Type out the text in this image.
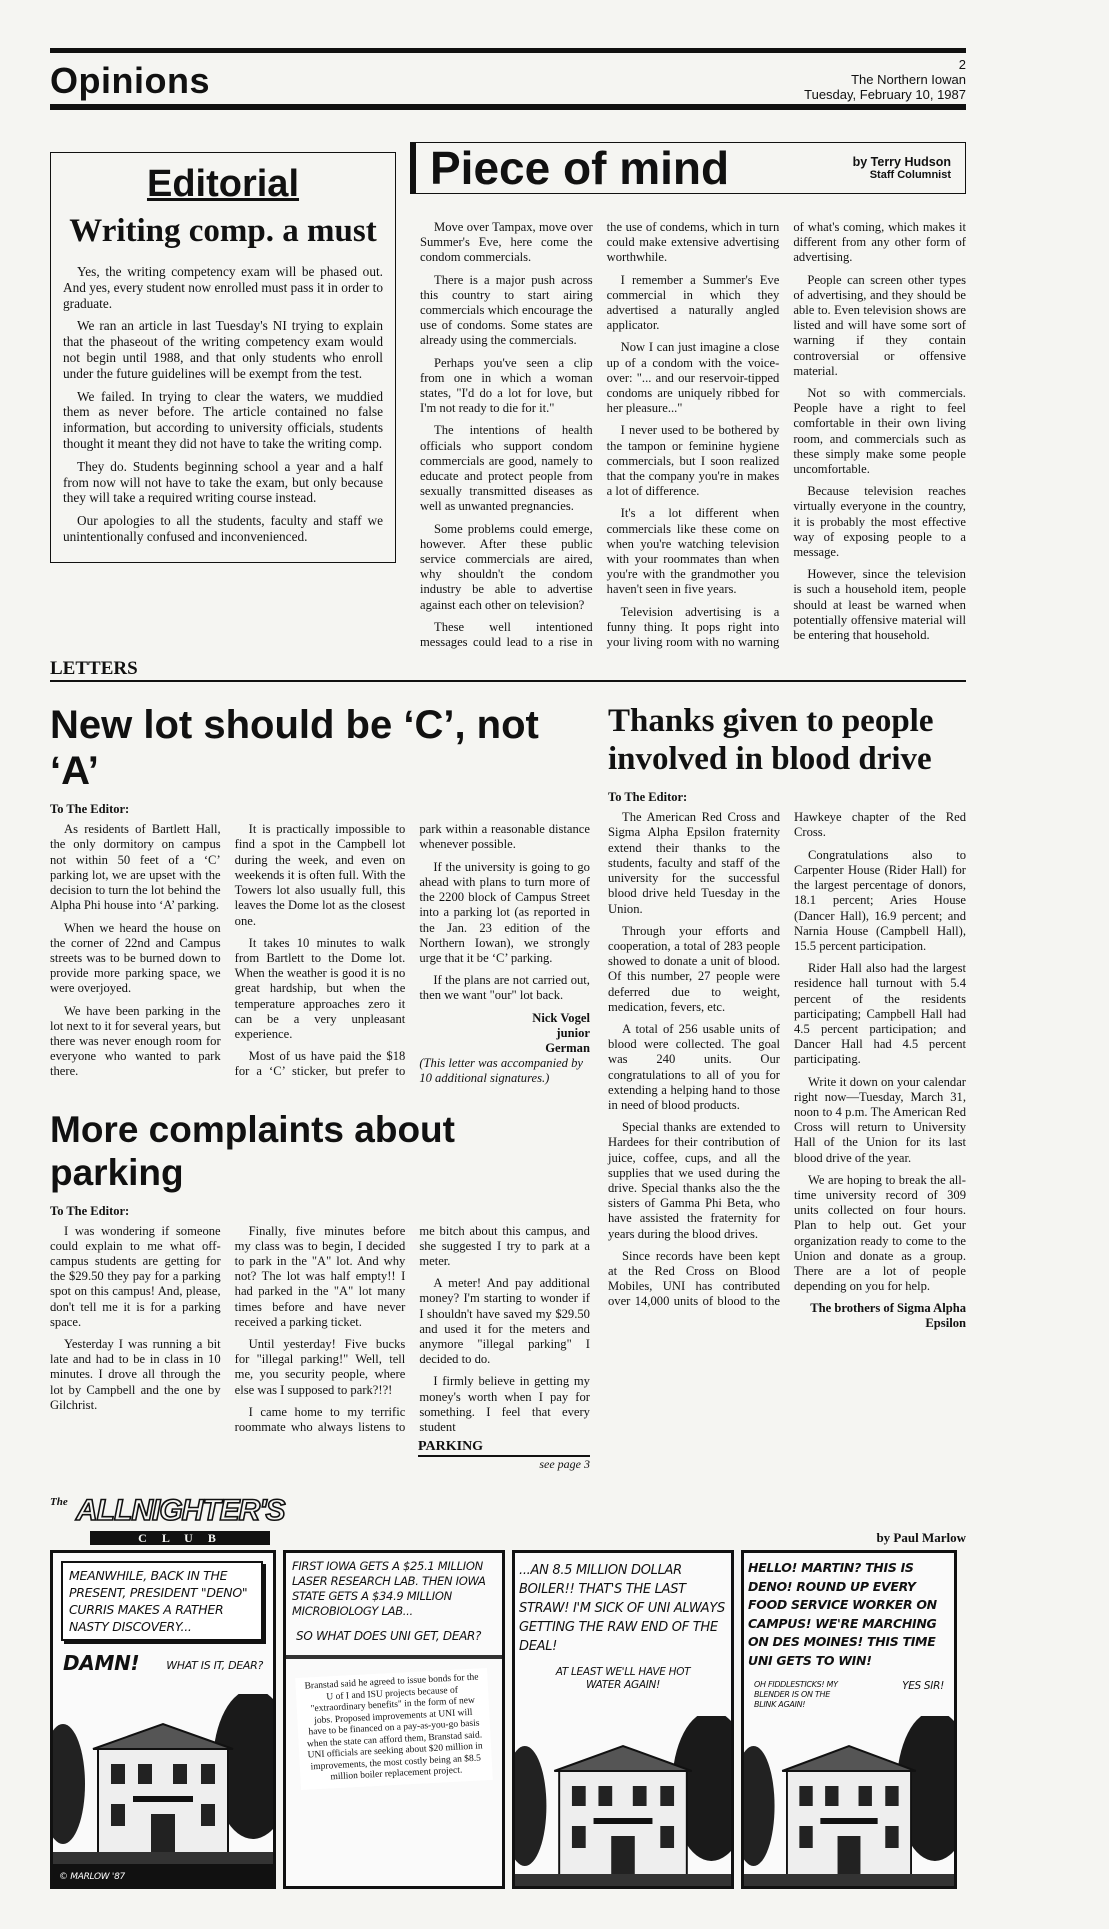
Opinions	2
The Northern Iowan
Tuesday, February 10, 1987
Editorial
Writing comp. a must

Yes, the writing competency exam will be phased out. And yes, every student now enrolled must pass it in order to graduate.

We ran an article in last Tuesday's NI trying to explain that the phaseout of the writing competency exam would not begin until 1988, and that only students who enroll under the future guidelines will be exempt from the test.

We failed. In trying to clear the waters, we muddied them as never before. The article contained no false information, but according to university officials, students thought it meant they did not have to take the writing comp.

They do. Students beginning school a year and a half from now will not have to take the exam, but only because they will take a required writing course instead.

Our apologies to all the students, faculty and staff we unintentionally confused and inconvenienced.

Piece of mind	by Terry Hudson
Staff Columnist

Move over Tampax, move over Summer's Eve, here come the condom commercials.

There is a major push across this country to start airing commercials which encourage the use of condoms. Some states are already using the commercials.

Perhaps you've seen a clip from one in which a woman states, "I'd do a lot for love, but I'm not ready to die for it."

The intentions of health officials who support condom commercials are good, namely to educate and protect people from sexually transmitted diseases as well as unwanted pregnancies.

Some problems could emerge, however. After these public service commercials are aired, why shouldn't the condom industry be able to advertise against each other on television?

These well intentioned messages could lead to a rise in the use of condems, which in turn could make extensive advertising worthwhile.

I remember a Summer's Eve commercial in which they advertised a naturally angled applicator.

Now I can just imagine a close up of a condom with the voice-over: "... and our reservoir-tipped condoms are uniquely ribbed for her pleasure..."

I never used to be bothered by the tampon or feminine hygiene commercials, but I soon realized that the company you're in makes a lot of difference.

It's a lot different when commercials like these come on when you're watching television with your roommates than when you're with the grandmother you haven't seen in five years.

Television advertising is a funny thing. It pops right into your living room with no warning of what's coming, which makes it different from any other form of advertising.

People can screen other types of advertising, and they should be able to. Even television shows are listed and will have some sort of warning if they contain controversial or offensive material.

Not so with commercials. People have a right to feel comfortable in their own living room, and commercials such as these simply make some people uncomfortable.

Because television reaches virtually everyone in the country, it is probably the most effective way of exposing people to a message.

However, since the television is such a household item, people should at least be warned when potentially offensive material will be entering that household.

LETTERS
New lot should be ‘C’, not ‘A’
To The Editor:

As residents of Bartlett Hall, the only dormitory on campus not within 50 feet of a ‘C’ parking lot, we are upset with the decision to turn the lot behind the Alpha Phi house into ‘A’ parking.

When we heard the house on the corner of 22nd and Campus streets was to be burned down to provide more parking space, we were overjoyed.

We have been parking in the lot next to it for several years, but there was never enough room for everyone who wanted to park there.

It is practically impossible to find a spot in the Campbell lot during the week, and even on weekends it is often full. With the Towers lot also usually full, this leaves the Dome lot as the closest one.

It takes 10 minutes to walk from Bartlett to the Dome lot. When the weather is good it is no great hardship, but when the temperature approaches zero it can be a very unpleasant experience.

Most of us have paid the $18 for a ‘C’ sticker, but prefer to park within a reasonable distance whenever possible.

If the university is going to go ahead with plans to turn more of the 2200 block of Campus Street into a parking lot (as reported in the Jan. 23 edition of the Northern Iowan), we strongly urge that it be ‘C’ parking.

If the plans are not carried out, then we want "our" lot back.

Nick Vogel

junior

German

(This letter was accompanied by 10 additional signatures.)

More complaints about parking
To The Editor:

I was wondering if someone could explain to me what off-campus students are getting for the $29.50 they pay for a parking spot on this campus! And, please, don't tell me it is for a parking space.

Yesterday I was running a bit late and had to be in class in 10 minutes. I drove all through the lot by Campbell and the one by Gilchrist.

Finally, five minutes before my class was to begin, I decided to park in the "A" lot. And why not? The lot was half empty!! I had parked in the "A" lot many times before and have never received a parking ticket.

Until yesterday! Five bucks for "illegal parking!" Well, tell me, you security people, where else was I supposed to park?!?!

I came home to my terrific roommate who always listens to me bitch about this campus, and she suggested I try to park at a meter.

A meter! And pay additional money? I'm starting to wonder if I shouldn't have saved my $29.50 and used it for the meters and anymore "illegal parking" I decided to do.

I firmly believe in getting my money's worth when I pay for something. I feel that every student

PARKING
see page 3
Thanks given to people
involved in blood drive
To The Editor:

The American Red Cross and Sigma Alpha Epsilon fraternity extend their thanks to the students, faculty and staff of the university for the successful blood drive held Tuesday in the Union.

Through your efforts and cooperation, a total of 283 people showed to donate a unit of blood. Of this number, 27 people were deferred due to weight, medication, fevers, etc.

A total of 256 usable units of blood were collected. The goal was 240 units. Our congratulations to all of you for extending a helping hand to those in need of blood products.

Special thanks are extended to Hardees for their contribution of juice, coffee, cups, and all the supplies that we used during the drive. Special thanks also the the sisters of Gamma Phi Beta, who have assisted the fraternity for years during the blood drives.

Since records have been kept at the Red Cross on Blood Mobiles, UNI has contributed over 14,000 units of blood to the Hawkeye chapter of the Red Cross.

Congratulations also to Carpenter House (Rider Hall) for the largest percentage of donors, 18.1 percent; Aries House (Dancer Hall), 16.9 percent; and Narnia House (Campbell Hall), 15.5 percent participation.

Rider Hall also had the largest residence hall turnout with 5.4 percent of the residents participating; Campbell Hall had 4.5 percent participation; and Dancer Hall had 4.5 percent participating.

Write it down on your calendar right now—Tuesday, March 31, noon to 4 p.m. The American Red Cross will return to University Hall of the Union for its last blood drive of the year.

We are hoping to break the all-time university record of 309 units collected on four hours. Plan to help out. Get your organization ready to come to the Union and donate as a group. There are a lot of people depending on you for help.

The brothers of Sigma Alpha Epsilon

The ALLNIGHTER'S
C L U B	by Paul Marlow
MEANWHILE, BACK IN THE PRESENT, PRESIDENT "DENO" CURRIS MAKES A RATHER NASTY DISCOVERY...
DAMN! WHAT IS IT, DEAR?
© MARLOW '87
FIRST IOWA GETS A $25.1 MILLION LASER RESEARCH LAB. THEN IOWA STATE GETS A $34.9 MILLION MICROBIOLOGY LAB...
SO WHAT DOES UNI GET, DEAR?
Branstad said he agreed to issue bonds for the U of I and ISU projects because of "extraordinary benefits" in the form of new jobs. Proposed improvements at UNI will have to be financed on a pay-as-you-go basis when the state can afford them, Branstad said. UNI officials are seeking about $20 million in improvements, the most costly being an $8.5 million boiler replacement project.
...AN 8.5 MILLION DOLLAR BOILER!! THAT'S THE LAST STRAW! I'M SICK OF UNI ALWAYS GETTING THE RAW END OF THE DEAL!
AT LEAST WE'LL HAVE HOT WATER AGAIN!
HELLO! MARTIN? THIS IS DENO! ROUND UP EVERY FOOD SERVICE WORKER ON CAMPUS! WE'RE MARCHING ON DES MOINES! THIS TIME UNI GETS TO WIN!
OH FIDDLESTICKS! MY BLENDER IS ON THE BLINK AGAIN!
YES SIR!
